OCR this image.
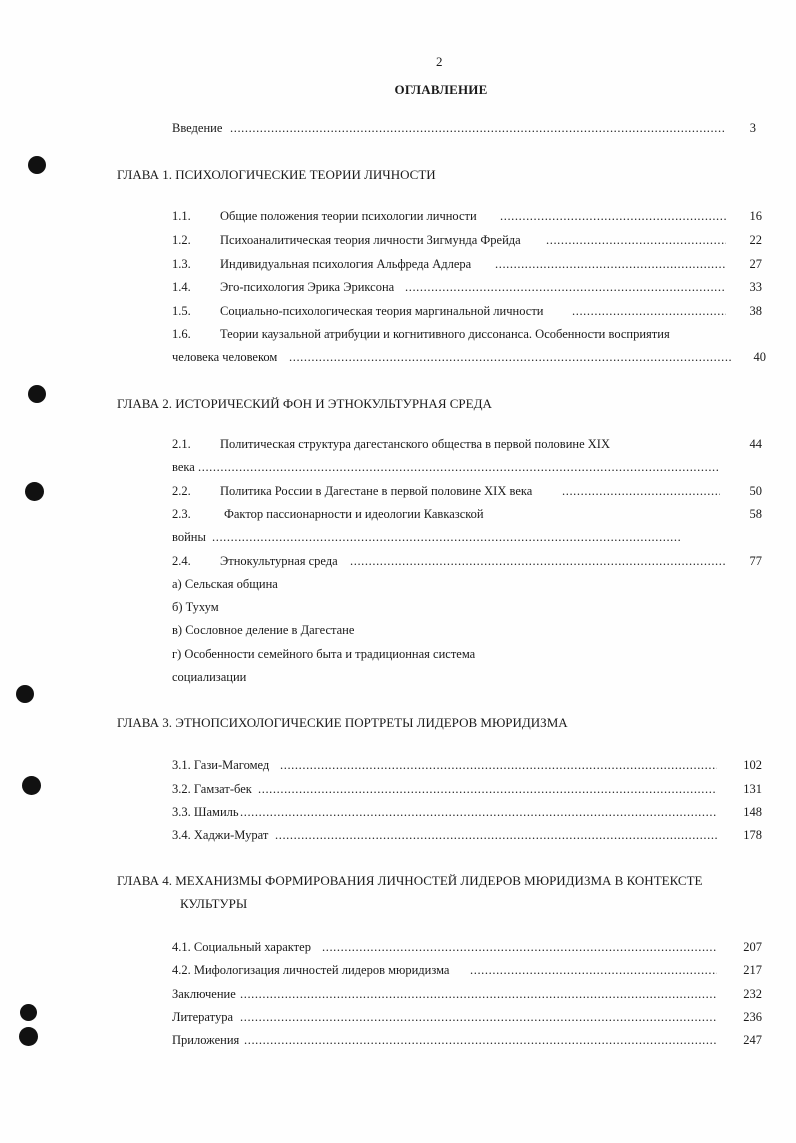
2
ОГЛАВЛЕНИЕ
Введение .....	3
ГЛАВА 1. ПСИХОЛОГИЧЕСКИЕ ТЕОРИИ ЛИЧНОСТИ
1.1. Общие положения теории психологии личности .....	16
1.2. Психоаналитическая теория личности Зигмунда Фрейда .....	22
1.3. Индивидуальная психология Альфреда Адлера .....	27
1.4. Эго-психология Эрика Эриксона .....	33
1.5. Социально-психологическая теория маргинальной личности .....	38
1.6. Теории каузальной атрибуции и когнитивного диссонанса. Особенности восприятия
человека человеком .....	40
ГЛАВА 2. ИСТОРИЧЕСКИЙ ФОН И ЭТНОКУЛЬТУРНАЯ СРЕДА
2.1. Политическая структура дагестанского общества в первой половине XIX	44
века
.....
2.2. Политика России в Дагестане в первой половине XIX века .....	50
2.3.	Фактор пассионарности и идеологии Кавказской	58
войны
.....
2.4. Этнокультурная среда .....	77
а) Сельская община
б) Тухум
в) Сословное деление в Дагестане
г) Особенности семейного быта и традиционная система
социализации
ГЛАВА 3. ЭТНОПСИХОЛОГИЧЕСКИЕ ПОРТРЕТЫ ЛИДЕРОВ МЮРИДИЗМА
3.1. Гази-Магомед .....	102
3.2. Гамзат-бек .....	131
3.3. Шамиль .....	148
3.4. Хаджи-Мурат .....	178
ГЛАВА 4. МЕХАНИЗМЫ ФОРМИРОВАНИЯ ЛИЧНОСТЕЙ ЛИДЕРОВ МЮРИДИЗМА В КОНТЕКСТЕ
КУЛЬТУРЫ
4.1. Социальный характер .....	207
4.2. Мифологизация личностей лидеров мюридизма .....	217
Заключение .....	232
Литература .....	236
Приложения .....	247
